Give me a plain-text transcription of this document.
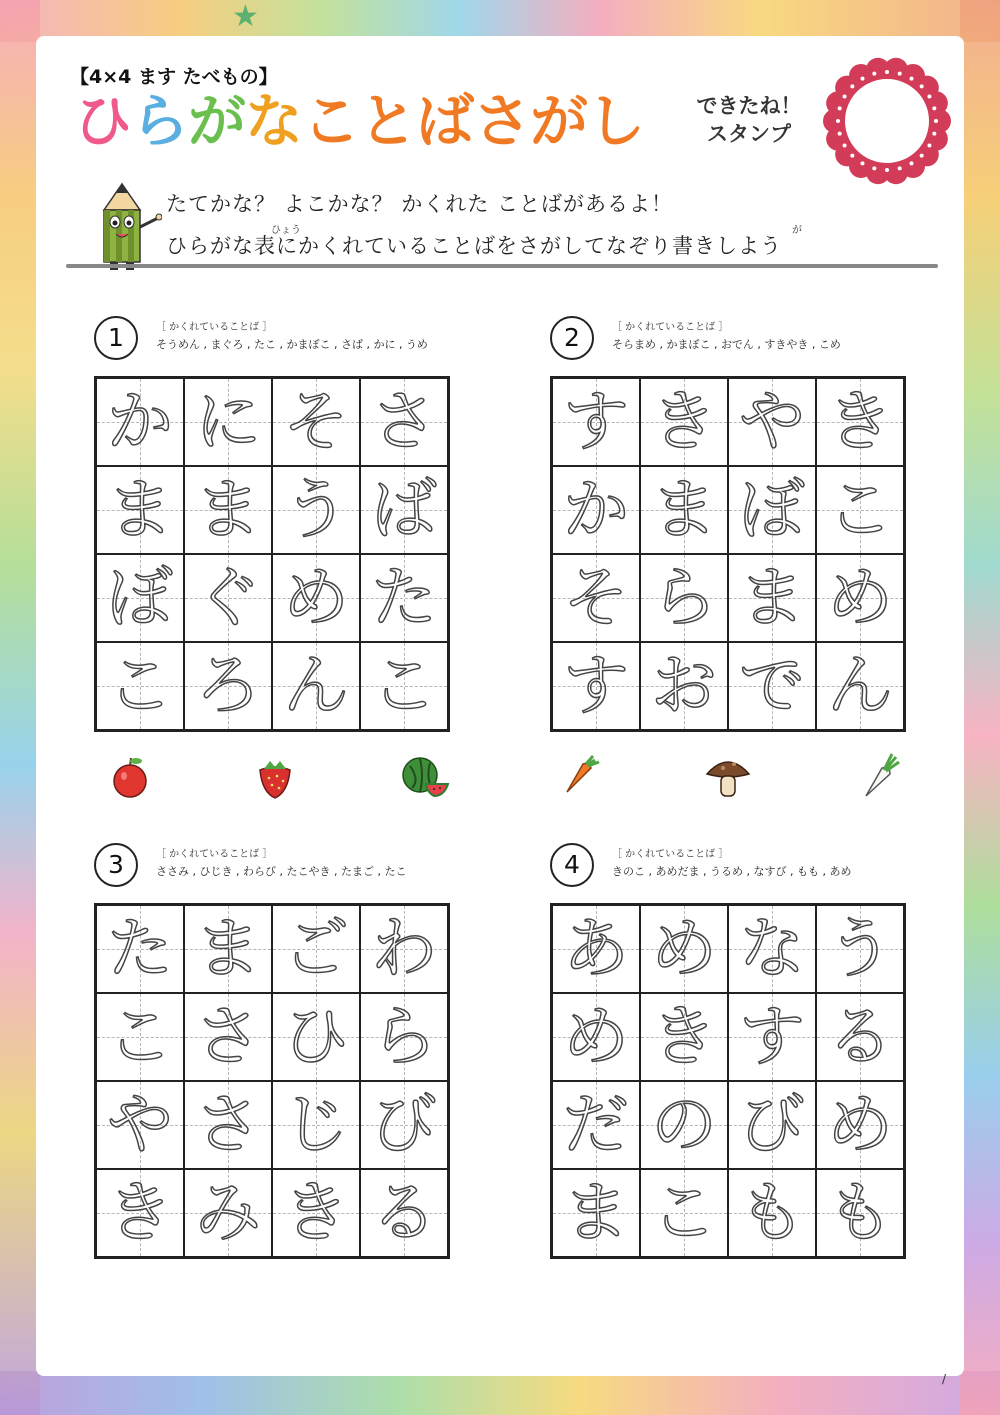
★
【4×4 ます たべもの】
ひらがなことばさがし	できたね！スタンプ
たてかな？ よこかな？ かくれた ことばがあるよ！
ひょう	が
ひらがな表にかくれていることばをさがしてなぞり書きしよう
1	［ かくれていることば ］
そうめん , まぐろ , たこ , かまぼこ , さば , かに , うめ
か に そ さ
ま ま う ば
ぼ ぐ め た
こ ろ ん こ
2	［ かくれていることば ］
そらまめ , かまぼこ , おでん , すきやき , こめ
す き や き
か ま ぼ こ
そ ら ま め
す お で ん
3	［ かくれていることば ］
ささみ , ひじき , わらび , たこやき , たまご , たこ
た ま ご わ
こ さ ひ ら
や さ じ び
き み き る
4	［ かくれていることば ］
きのこ , あめだま , うるめ , なすび , もも , あめ
あ め な う
め き す る
だ の び め
ま こ も も
/
